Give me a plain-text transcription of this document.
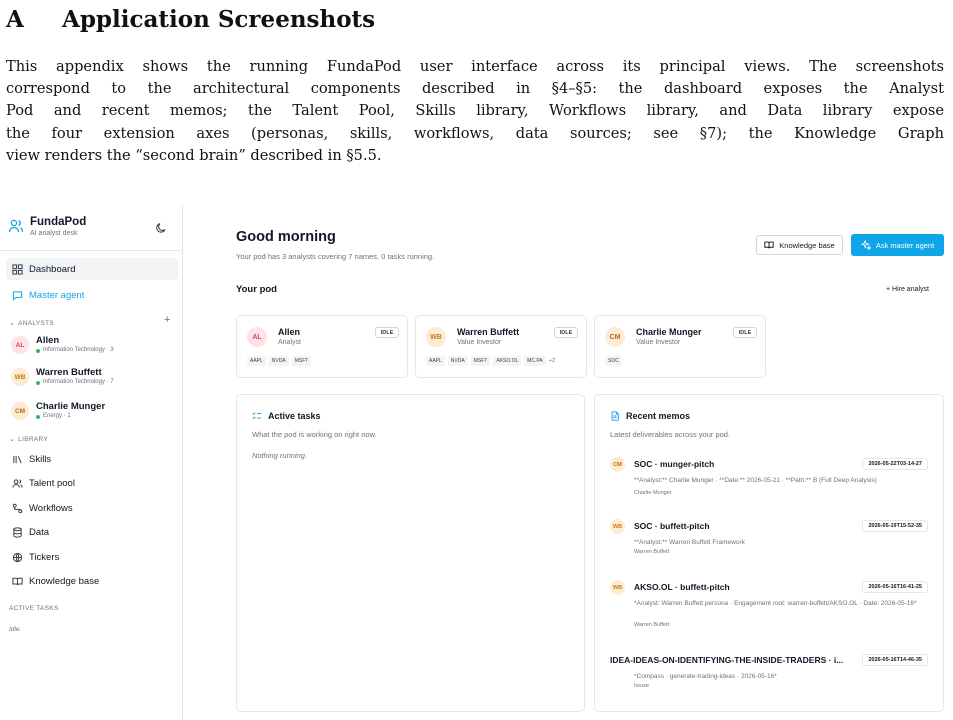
A	Application Screenshots
This appendix shows the running FundaPod user interface across its principal views. The screenshots
correspond to the architectural components described in §4–§5: the dashboard exposes the Analyst
Pod and recent memos; the Talent Pool, Skills library, Workflows library, and Data library expose
the four extension axes (personas, skills, workflows, data sources; see §7); the Knowledge Graph
view renders the “second brain” described in §5.5.
FundaPod
AI analyst desk
Dashboard
Master agent
⌄ ANALYSTS	+
AL	Allen
Information Technology · 3
WB	Warren Buffett
Information Technology · 7
CM	Charlie Munger
Energy · 1
⌄ LIBRARY
Skills
Talent pool
Workflows
Data
Tickers
Knowledge base
ACTIVE TASKS
Idle.
Good morning
Your pod has 3 analysts covering 7 names. 0 tasks running.
Knowledge base	Ask master agent
Your pod	+ Hire analyst
AL	Allen
Analyst
IDLE
AAPL	NVDA	MSFT
WB	Warren Buffett
Value Investor
IDLE
AAPL	NVDA	MSFT	AKSO.OL	MC.PA	+2
CM	Charlie Munger
Value Investor
IDLE
SOC
Active tasks
What the pod is working on right now.
Nothing running.
Recent memos
Latest deliverables across your pod.
CM	SOC · munger-pitch	2026-05-22T03-14-27
**Analyst:** Charlie Munger · **Date:** 2026-05-21 · **Path:** B (Full Deep Analysis)
Charlie Munger
WB	SOC · buffett-pitch	2026-05-19T15-52-35
**Analyst:** Warren Buffett Framework
Warren Buffett
WB	AKSO.OL · buffett-pitch	2026-05-16T16-41-25
*Analyst: Warren Buffett persona · Engagement root: warren-buffett/AKSO.OL · Date: 2026-05-16*
Warren Buffett
IDEA-IDEAS-ON-IDENTIFYING-THE-INSIDE-TRADERS · i...	2026-05-16T14-46-35
*Compass · generate-trading-ideas · 2026-05-16*
house
